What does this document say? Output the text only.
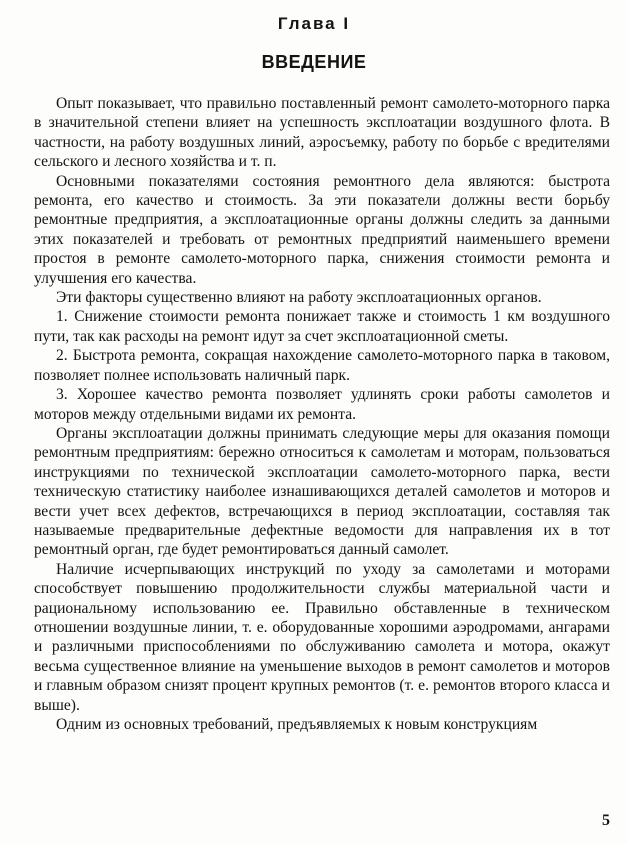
Глава I
ВВЕДЕНИЕ

Опыт показывает, что правильно поставленный ремонт самолето-моторного парка в значительной степени влияет на успешность эксплоатации воздушного флота. В частности, на работу воздушных линий, аэросъемку, работу по борьбе с вредителями сельского и лесного хозяйства и т. п.

Основными показателями состояния ремонтного дела являются: быстрота ремонта, его качество и стоимость. За эти показатели должны вести борьбу ремонтные предприятия, а эксплоатационные органы должны следить за данными этих показателей и требовать от ремонтных предприятий наименьшего времени простоя в ремонте самолето-моторного парка, снижения стоимости ремонта и улучшения его качества.

Эти факторы существенно влияют на работу эксплоатационных органов.

1. Снижение стоимости ремонта понижает также и стоимость 1 км воздушного пути, так как расходы на ремонт идут за счет эксплоатационной сметы.

2. Быстрота ремонта, сокращая нахождение самолето-моторного парка в таковом, позволяет полнее использовать наличный парк.

3. Хорошее качество ремонта позволяет удлинять сроки работы самолетов и моторов между отдельными видами их ремонта.

Органы эксплоатации должны принимать следующие меры для оказания помощи ремонтным предприятиям: бережно относиться к самолетам и моторам, пользоваться инструкциями по технической эксплоатации самолето-моторного парка, вести техническую статистику наиболее изнашивающихся деталей самолетов и моторов и вести учет всех дефектов, встречающихся в период эксплоатации, составляя так называемые предварительные дефектные ведомости для направления их в тот ремонтный орган, где будет ремонтироваться данный самолет.

Наличие исчерпывающих инструкций по уходу за самолетами и моторами способствует повышению продолжительности службы материальной части и рациональному использованию ее. Правильно обставленные в техническом отношении воздушные линии, т. е. оборудованные хорошими аэродромами, ангарами и различными приспособлениями по обслуживанию самолета и мотора, окажут весьма существенное влияние на уменьшение выходов в ремонт самолетов и моторов и главным образом снизят процент крупных ремонтов (т. е. ремонтов второго класса и выше).

Одним из основных требований, предъявляемых к новым конструкциям

5
